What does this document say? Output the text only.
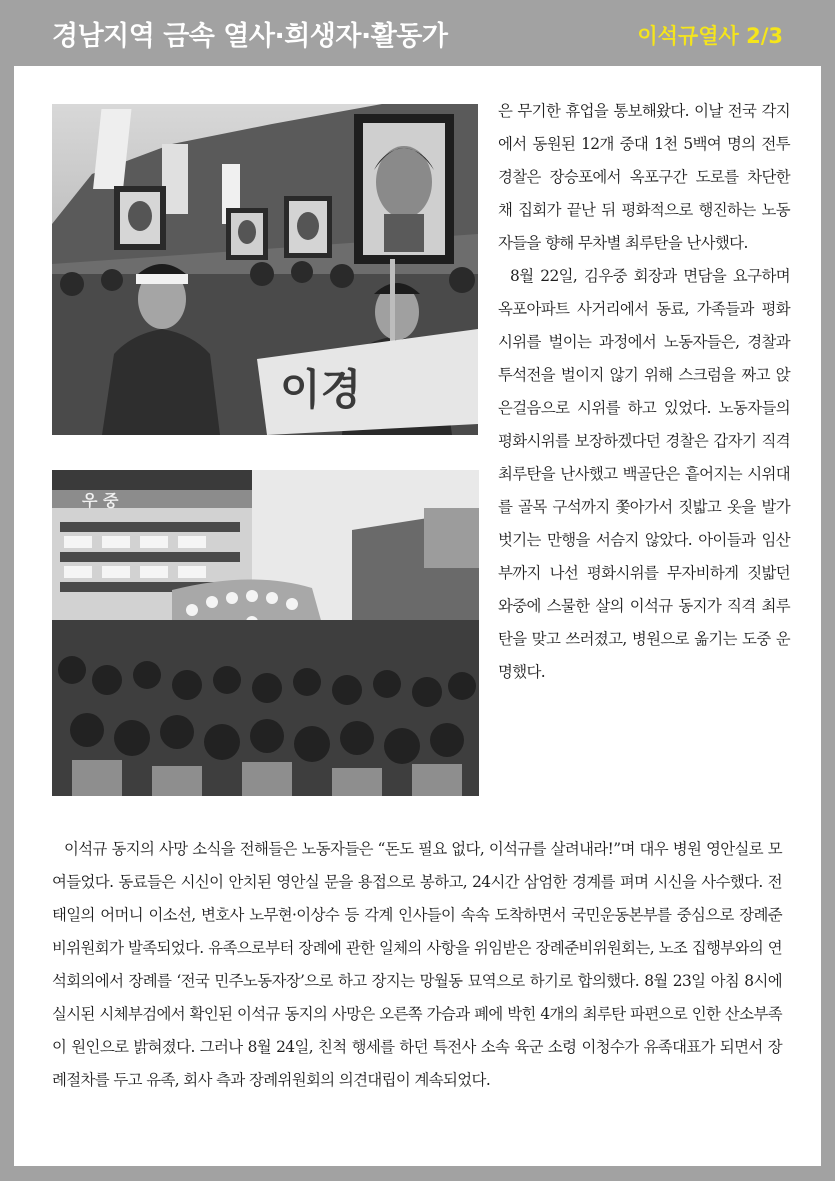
경남지역 금속 열사·희생자·활동가	이석규열사 2/3
이경
우 중

은 무기한 휴업을 통보해왔다. 이날 전국 각지에서 동원된 12개 중대 1천 5백여 명의 전투경찰은 장승포에서 옥포구간 도로를 차단한 채 집회가 끝난 뒤 평화적으로 행진하는 노동자들을 향해 무차별 최루탄을 난사했다.

8월 22일, 김우중 회장과 면담을 요구하며 옥포아파트 사거리에서 동료, 가족들과 평화시위를 벌이는 과정에서 노동자들은, 경찰과 투석전을 벌이지 않기 위해 스크럼을 짜고 앉은걸음으로 시위를 하고 있었다. 노동자들의 평화시위를 보장하겠다던 경찰은 갑자기 직격 최루탄을 난사했고 백골단은 흩어지는 시위대를 골목 구석까지 쫓아가서 짓밟고 옷을 발가벗기는 만행을 서슴지 않았다. 아이들과 임산부까지 나선 평화시위를 무자비하게 짓밟던 와중에 스물한 살의 이석규 동지가 직격 최루탄을 맞고 쓰러졌고, 병원으로 옮기는 도중 운명했다.

이석규 동지의 사망 소식을 전해들은 노동자들은 “돈도 필요 없다, 이석규를 살려내라!”며 대우 병원 영안실로 모여들었다. 동료들은 시신이 안치된 영안실 문을 용접으로 봉하고, 24시간 삼엄한 경계를 펴며 시신을 사수했다. 전태일의 어머니 이소선, 변호사 노무현·이상수 등 각계 인사들이 속속 도착하면서 국민운동본부를 중심으로 장례준비위원회가 발족되었다. 유족으로부터 장례에 관한 일체의 사항을 위임받은 장례준비위원회는, 노조 집행부와의 연석회의에서 장례를 ‘전국 민주노동자장’으로 하고 장지는 망월동 묘역으로 하기로 합의했다. 8월 23일 아침 8시에 실시된 시체부검에서 확인된 이석규 동지의 사망은 오른쪽 가슴과 폐에 박힌 4개의 최루탄 파편으로 인한 산소부족이 원인으로 밝혀졌다. 그러나 8월 24일, 친척 행세를 하던 특전사 소속 육군 소령 이청수가 유족대표가 되면서 장례절차를 두고 유족, 회사 측과 장례위원회의 의견대립이 계속되었다.
